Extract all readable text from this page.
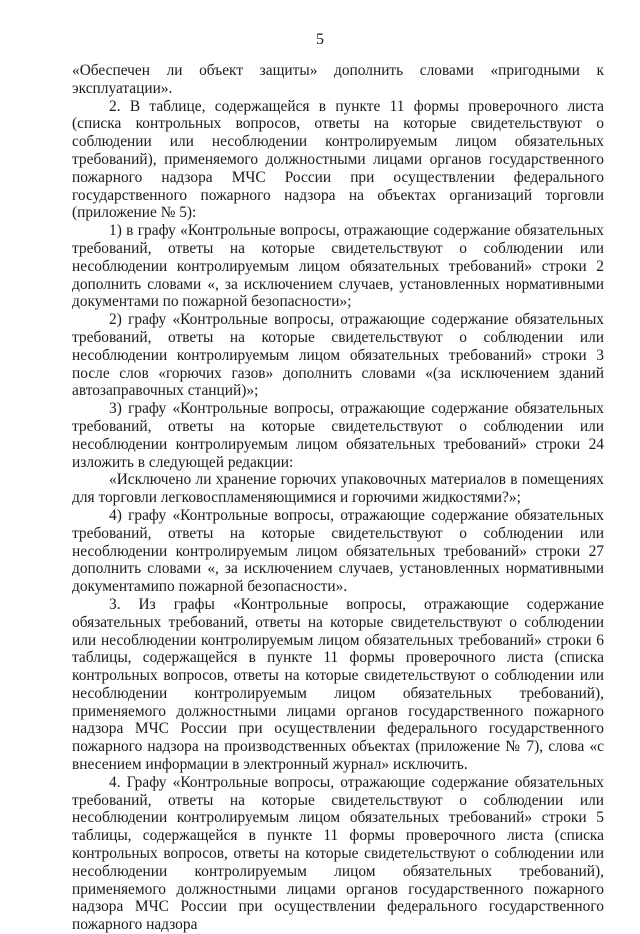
5

«Обеспечен ли объект защиты» дополнить словами «пригодными к эксплуатации».

2. В таблице, содержащейся в пункте 11 формы проверочного листа (списка контрольных вопросов, ответы на которые свидетельствуют о соблюдении или несоблюдении контролируемым лицом обязательных требований), применяемого должностными лицами органов государственного пожарного надзора МЧС России при осуществлении федерального государственного пожарного надзора на объектах организаций торговли (приложение № 5):

1) в графу «Контрольные вопросы, отражающие содержание обязательных требований, ответы на которые свидетельствуют о соблюдении или несоблюдении контролируемым лицом обязательных требований» строки 2 дополнить словами «, за исключением случаев, установленных нормативными документами по пожарной безопасности»;

2) графу «Контрольные вопросы, отражающие содержание обязательных требований, ответы на которые свидетельствуют о соблюдении или несоблюдении контролируемым лицом обязательных требований» строки 3 после слов «горючих газов» дополнить словами «(за исключением зданий автозаправочных станций)»;

3) графу «Контрольные вопросы, отражающие содержание обязательных требований, ответы на которые свидетельствуют о соблюдении или несоблюдении контролируемым лицом обязательных требований» строки 24 изложить в следующей редакции:

«Исключено ли хранение горючих упаковочных материалов в помещениях для торговли легковоспламеняющимися и горючими жидкостями?»;

4) графу «Контрольные вопросы, отражающие содержание обязательных требований, ответы на которые свидетельствуют о соблюдении или несоблюдении контролируемым лицом обязательных требований» строки 27 дополнить словами «, за исключением случаев, установленных нормативными документамипо пожарной безопасности».

3. Из графы «Контрольные вопросы, отражающие содержание обязательных требований, ответы на которые свидетельствуют о соблюдении или несоблюдении контролируемым лицом обязательных требований» строки 6 таблицы, содержащейся в пункте 11 формы проверочного листа (списка контрольных вопросов, ответы на которые свидетельствуют о соблюдении или несоблюдении контролируемым лицом обязательных требований), применяемого должностными лицами органов государственного пожарного надзора МЧС России при осуществлении федерального государственного пожарного надзора на производственных объектах (приложение № 7), слова «с внесением информации в электронный журнал» исключить.

4. Графу «Контрольные вопросы, отражающие содержание обязательных требований, ответы на которые свидетельствуют о соблюдении или несоблюдении контролируемым лицом обязательных требований» строки 5 таблицы, содержащейся в пункте 11 формы проверочного листа (списка контрольных вопросов, ответы на которые свидетельствуют о соблюдении или несоблюдении контролируемым лицом обязательных требований), применяемого должностными лицами органов государственного пожарного надзора МЧС России при осуществлении федерального государственного пожарного надзора
